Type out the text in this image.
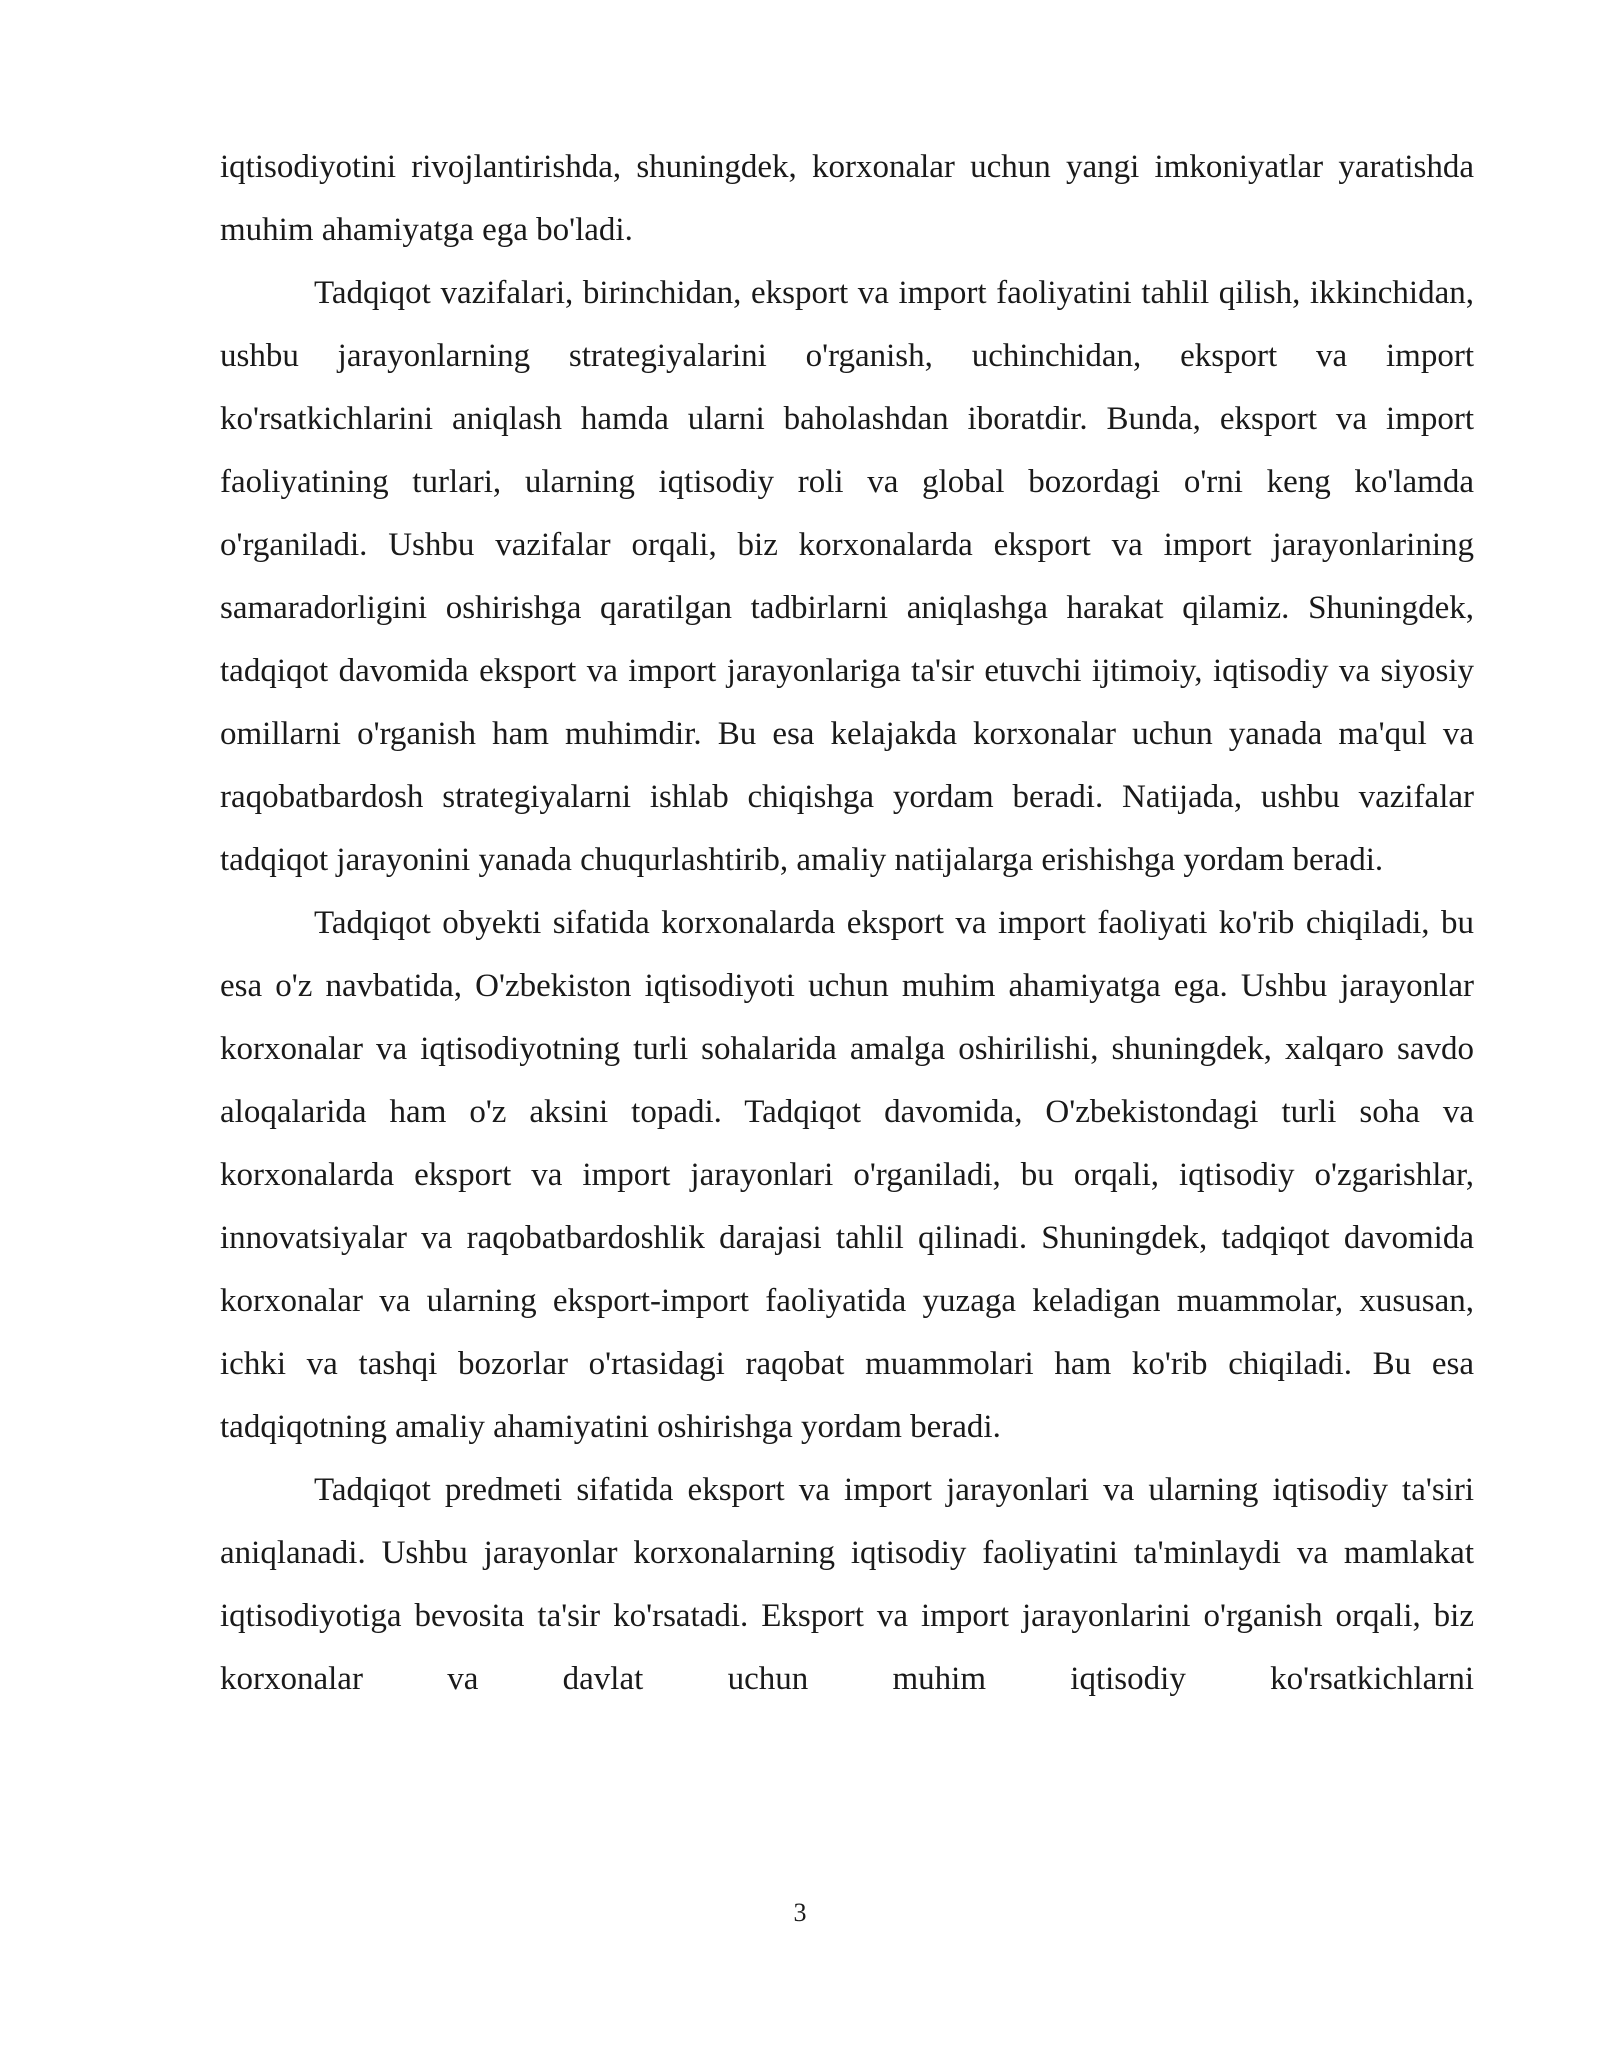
iqtisodiyotini rivojlantirishda, shuningdek, korxonalar uchun yangi imkoniyatlar yaratishda muhim ahamiyatga ega bo'ladi.

Tadqiqot vazifalari, birinchidan, eksport va import faoliyatini tahlil qilish, ikkinchidan, ushbu jarayonlarning strategiyalarini o'rganish, uchinchidan, eksport va import ko'rsatkichlarini aniqlash hamda ularni baholashdan iboratdir. Bunda, eksport va import faoliyatining turlari, ularning iqtisodiy roli va global bozordagi o'rni keng ko'lamda o'rganiladi. Ushbu vazifalar orqali, biz korxonalarda eksport va import jarayonlarining samaradorligini oshirishga qaratilgan tadbirlarni aniqlashga harakat qilamiz. Shuningdek, tadqiqot davomida eksport va import jarayonlariga ta'sir etuvchi ijtimoiy, iqtisodiy va siyosiy omillarni o'rganish ham muhimdir. Bu esa kelajakda korxonalar uchun yanada ma'qul va raqobatbardosh strategiyalarni ishlab chiqishga yordam beradi. Natijada, ushbu vazifalar tadqiqot jarayonini yanada chuqurlashtirib, amaliy natijalarga erishishga yordam beradi.

Tadqiqot obyekti sifatida korxonalarda eksport va import faoliyati ko'rib chiqiladi, bu esa o'z navbatida, O'zbekiston iqtisodiyoti uchun muhim ahamiyatga ega. Ushbu jarayonlar korxonalar va iqtisodiyotning turli sohalarida amalga oshirilishi, shuningdek, xalqaro savdo aloqalarida ham o'z aksini topadi. Tadqiqot davomida, O'zbekistondagi turli soha va korxonalarda eksport va import jarayonlari o'rganiladi, bu orqali, iqtisodiy o'zgarishlar, innovatsiyalar va raqobatbardoshlik darajasi tahlil qilinadi. Shuningdek, tadqiqot davomida korxonalar va ularning eksport-import faoliyatida yuzaga keladigan muammolar, xususan, ichki va tashqi bozorlar o'rtasidagi raqobat muammolari ham ko'rib chiqiladi. Bu esa tadqiqotning amaliy ahamiyatini oshirishga yordam beradi.

Tadqiqot predmeti sifatida eksport va import jarayonlari va ularning iqtisodiy ta'siri aniqlanadi. Ushbu jarayonlar korxonalarning iqtisodiy faoliyatini ta'minlaydi va mamlakat iqtisodiyotiga bevosita ta'sir ko'rsatadi. Eksport va import jarayonlarini o'rganish orqali, biz korxonalar va davlat uchun muhim iqtisodiy ko'rsatkichlarni

3
